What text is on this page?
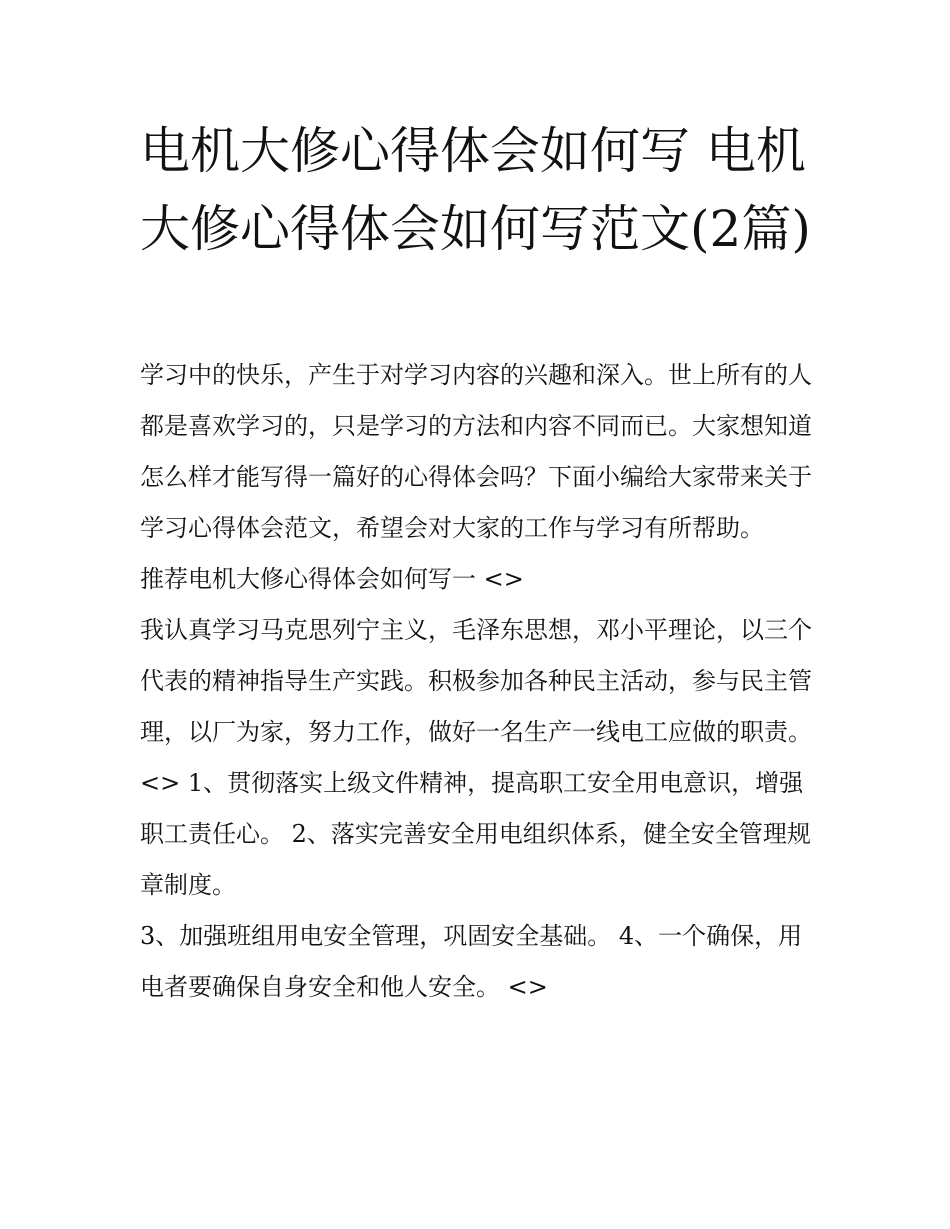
电机大修心得体会如何写 电机大修心得体会如何写范文(2篇)

学习中的快乐，产生于对学习内容的兴趣和深入。世上所有的人都是喜欢学习的，只是学习的方法和内容不同而已。大家想知道怎么样才能写得一篇好的心得体会吗？下面小编给大家带来关于学习心得体会范文，希望会对大家的工作与学习有所帮助。

推荐电机大修心得体会如何写一 <>

我认真学习马克思列宁主义，毛泽东思想，邓小平理论，以三个代表的精神指导生产实践。积极参加各种民主活动，参与民主管理，以厂为家，努力工作，做好一名生产一线电工应做的职责。

<> 1、贯彻落实上级文件精神，提高职工安全用电意识，增强职工责任心。 2、落实完善安全用电组织体系，健全安全管理规章制度。

3、加强班组用电安全管理，巩固安全基础。 4、一个确保，用电者要确保自身安全和他人安全。 <>
